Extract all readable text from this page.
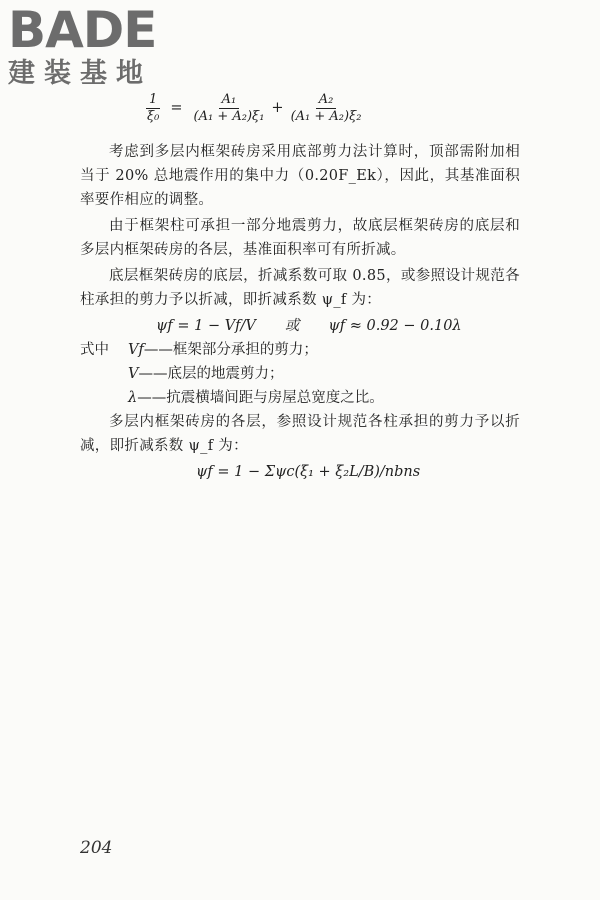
BADE
建装基地
$\frac{1}{\text{ξ₀}} = \frac{\text{A₁}}{\text{(A₁ + A₂)ξ₁}} + \frac{\text{A₂}}{\text{(A₁ + A₂)ξ₂}}$

考虑到多层内框架砖房采用底部剪力法计算时，顶部需附加相当于 20% 总地震作用的集中力（0.20F_Ek），因此，其基准面积率要作相应的调整。

由于框架柱可承担一部分地震剪力，故底层框架砖房的底层和多层内框架砖房的各层，基准面积率可有所折减。

底层框架砖房的底层，折减系数可取 0.85，或参照设计规范各柱承担的剪力予以折减，即折减系数 ψ_f 为：

ψf = 1 − Vf/V　　或　　ψf ≈ 0.92 − 0.10λ

式中	Vf ——框架部分承担的剪力；
V ——底层的地震剪力；
λ ——抗震横墙间距与房屋总宽度之比。

多层内框架砖房的各层，参照设计规范各柱承担的剪力予以折减，即折减系数 ψ_f 为：

ψf = 1 − Σψc(ξ₁ + ξ₂L/B)/nbns

204
